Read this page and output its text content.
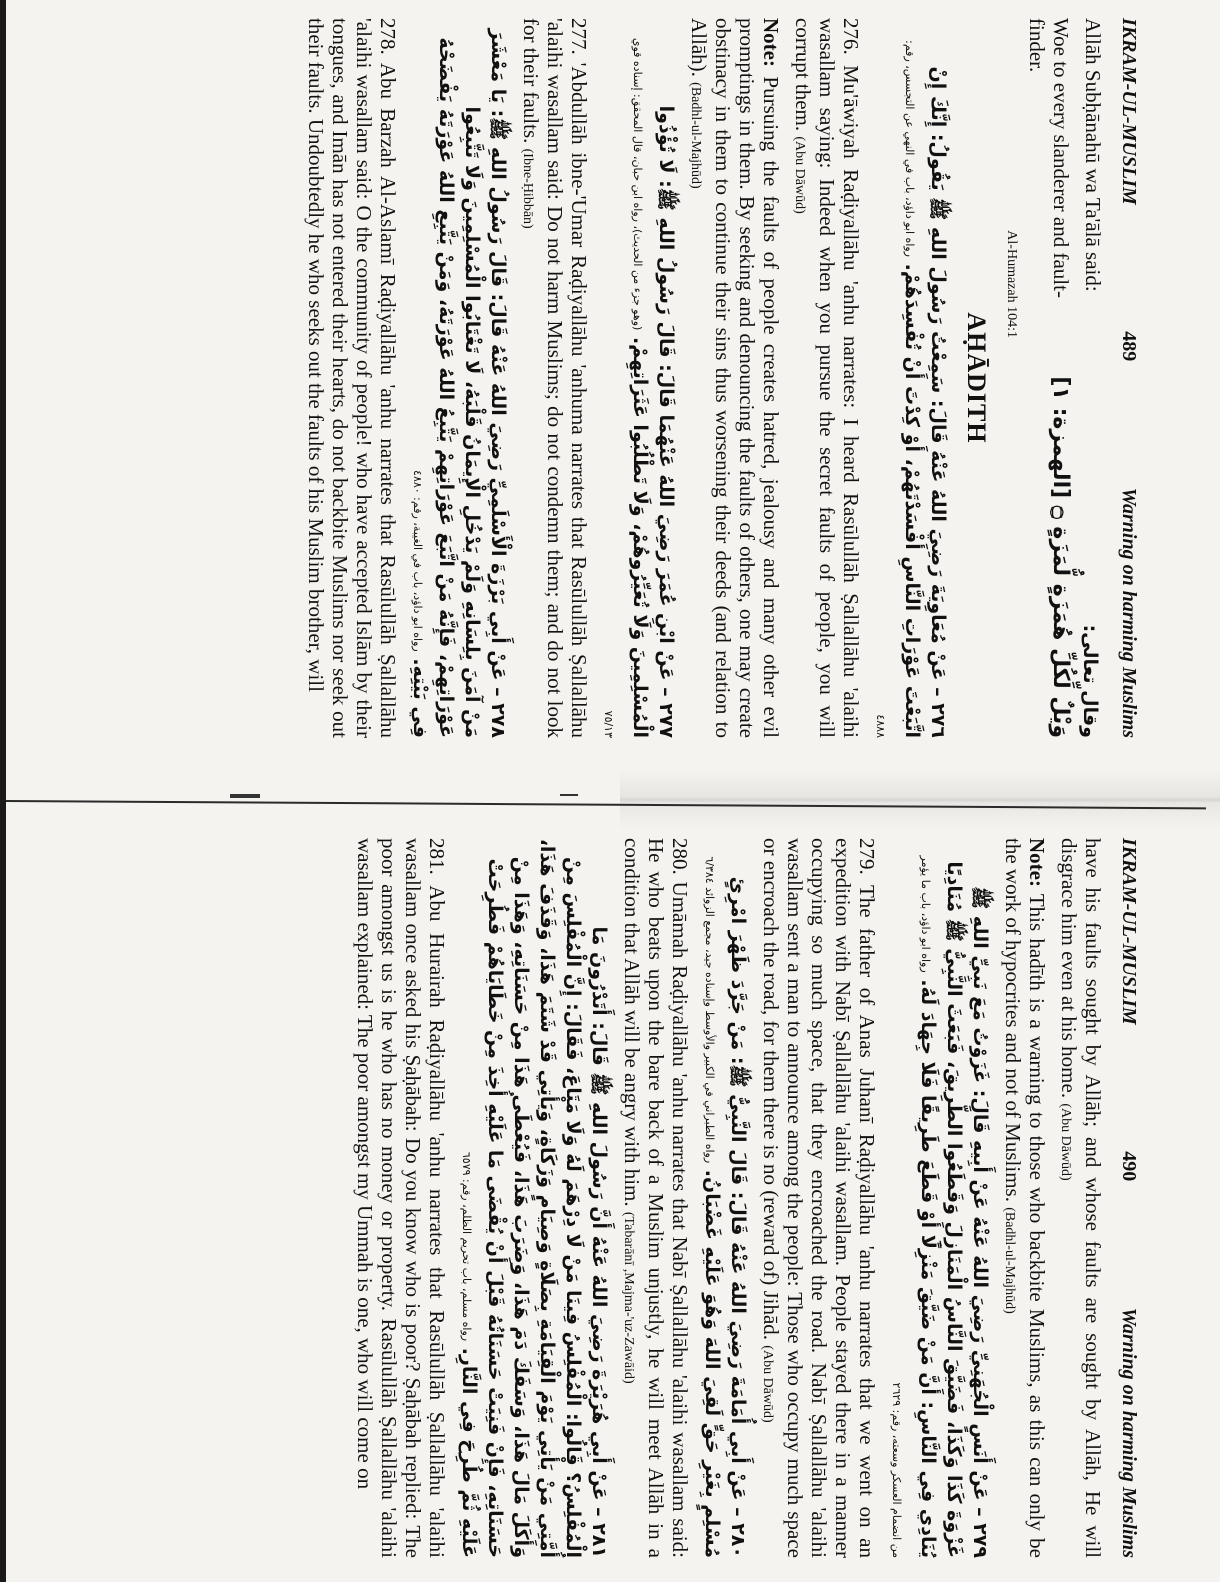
IKRAM-UL-MUSLIM
489
Warning on harming Muslims
Allāh Subḥānahū wa Ta'ālā said:
Woe to every slanderer and fault-finder.
Al-Humazah 104:1
وقال تعالى:
وَيْلٌ لِّكُلِّ هُمَزَةٍ لُّمَزَةٍ ۝ [الهمزة: ١]
AḤĀDITH
٢٧٦ – عَنْ مُعَاوِيَةَ رَضِيَ اللهُ عَنْهُ قَالَ: سَمِعْتُ رَسُولَ اللهِ ﷺ يَقُولُ: إِنَّكَ إِنْ اتَّبَعْتَ عَوْرَاتِ النَّاسِ أَفْسَدْتَهُمْ، أَوْ كِدْتَ أَنْ تُفْسِدَهُمْ. رواه ابو داؤد، باب في النهي عن التجسس، رقم: ٤٨٨٨

276. Mu'āwiyah Raḍiyallāhu 'anhu narrates: I heard Rasūlullāh Ṣallallāhu 'alaihi wasallam saying: Indeed when you pursue the secret faults of people, you will corrupt them. (Abu Dāwūd)

Note: Pursuing the faults of people creates hatred, jealousy and many other evil promptings in them. By seeking and denouncing the faults of others, one may create obstinacy in them to continue their sins thus worsening their deeds (and relation to Allāh). (Badhl-ul-Majhūd)

٢٧٧ – عَنْ ابْنِ عُمَرَ رَضِيَ اللهُ عَنْهُمَا قَالَ: قَالَ رَسُولُ اللهِ ﷺ: لَا تُؤْذُوا الْمُسْلِمِينَ وَلَا تُعَيِّرُوهُمْ، وَلَا تَطْلُبُوا عَثَرَاتِهِمْ. (وهو جزء من الحديث)، رواه ابن حبان، قال المحقق: إسناده قوي ٧٥/١٣

277. 'Abdullāh ibne-'Umar Raḍiyallāhu 'anhuma narrates that Rasūlullāh Ṣallallāhu 'alaihi wasallam said: Do not harm Muslims; do not condemn them; and do not look for their faults. (Ibne-Ḥibbān)

٢٧٨ – عَنْ أَبِي بَرْزَةَ الْأَسْلَمِيِّ رَضِيَ اللهُ عَنْهُ قَالَ: قَالَ رَسُولُ اللهِ ﷺ: يَا مَعْشَرَ مَنْ آمَنَ بِلِسَانِهِ وَلَمْ يَدْخُلِ الْإِيمَانُ قَلْبَهُ، لَا تَغْتَابُوا الْمُسْلِمِينَ وَلَا تَتَّبِعُوا عَوْرَاتِهِمْ، فَإِنَّهُ مَنْ اتَّبَعَ عَوْرَاتِهِمْ يَتَّبِعُ اللهُ عَوْرَتَهُ، وَمَنْ يَتَّبِعِ اللهُ عَوْرَتَهُ يَفْضَحْهُ فِي بَيْتِهِ. رواه ابو داؤد، باب في الغيبة، رقم: ٤٨٨٠

278. Abu Barzah Al-Aslamī Raḍiyallāhu 'anhu narrates that Rasūlullāh Ṣallallāhu 'alaihi wasallam said: O the community of people! who have accepted Islām by their tongues, and Imān has not entered their hearts, do not backbite Muslims nor seek out their faults. Undoubtedly he who seeks out the faults of his Muslim brother, will

IKRAM-UL-MUSLIM
490
Warning on harming Muslims

have his faults sought by Allāh; and whose faults are sought by Allāh, He will disgrace him even at his home. (Abu Dāwūd)

Note: This hadīth is a warning to those who backbite Muslims, as this can only be the work of hypocrites and not of Muslims. (Badhl-ul-Majhūd)

٢٧٩ – عَنْ أَنَسٍ الْجُهَنِيِّ رَضِيَ اللهُ عَنْهُ عَنْ أَبِيهِ قَالَ: غَزَوْتُ مَعَ نَبِيِّ اللهِ ﷺ غَزْوَةَ كَذَا وَكَذَا، فَضَيَّقَ النَّاسُ الْمَنَازِلَ وَقَطَعُوا الطَّرِيقَ، فَبَعَثَ النَّبِيُّ ﷺ مُنَادِيًا يُنَادِي فِي النَّاسِ: أَنَّ مَنْ ضَيَّقَ مَنْزِلًا أَوْ قَطَعَ طَرِيقًا فَلَا جِهَادَ لَهُ. رواه ابو داؤد، باب ما يؤمر من انضمام العسكر وسعته، رقم: ٢٦٢٩

279. The father of Anas Juhanī Raḍiyallāhu 'anhu narrates that we went on an expedition with Nabī Ṣallallāhu 'alaihi wasallam. People stayed there in a manner occupying so much space, that they encroached the road. Nabī Ṣallallāhu 'alaihi wasallam sent a man to announce among the people: Those who occupy much space or encroach the road, for them there is no (reward of) Jihād. (Abu Dāwūd)

٢٨٠ – عَنْ أَبِي أُمَامَةَ رَضِيَ اللهُ عَنْهُ قَالَ: قَالَ النَّبِيُّ ﷺ: مَنْ جَرَّدَ ظَهْرَ امْرِئٍ مُسْلِمٍ بِغَيْرِ حَقٍّ لَقِيَ اللهَ وَهُوَ عَلَيْهِ غَضْبَانُ. رواه الطبراني في الكبير والأوسط وإسناده جيد، مجمع الزوائد ٦/٣٨٤

280. Umāmah Raḍiyallāhu 'anhu narrates that Nabī Ṣallallāhu 'alaihi wasallam said: He who beats upon the bare back of a Muslim unjustly, he will meet Allāh in a condition that Allāh will be angry with him. (Tabarānī ,Majma-'uz-Zawāid)

٢٨١ – عَنْ أَبِي هُرَيْرَةَ رَضِيَ اللهُ عَنْهُ أَنَّ رَسُولَ اللهِ ﷺ قَالَ: أَتَدْرُونَ مَا الْمُفْلِسُ؟ قَالُوا: الْمُفْلِسُ فِينَا مَنْ لَا دِرْهَمَ لَهُ وَلَا مَتَاعَ، فَقَالَ: إِنَّ الْمُفْلِسَ مِنْ أُمَّتِي مَنْ يَأْتِي يَوْمَ الْقِيَامَةِ بِصَلَاةٍ وَصِيَامٍ وَزَكَاةٍ، وَيَأْتِي قَدْ شَتَمَ هَذَا، وَقَذَفَ هَذَا، وَأَكَلَ مَالَ هَذَا، وَسَفَكَ دَمَ هَذَا، وَضَرَبَ هَذَا، فَيُعْطَى هَذَا مِنْ حَسَنَاتِهِ، وَهَذَا مِنْ حَسَنَاتِهِ، فَإِنْ فَنِيَتْ حَسَنَاتُهُ قَبْلَ أَنْ يُقْضَى مَا عَلَيْهِ أُخِذَ مِنْ خَطَايَاهُمْ فَطُرِحَتْ عَلَيْهِ ثُمَّ طُرِحَ فِي النَّارِ. رواه مسلم، باب تحريم الظلم، رقم: ٦٥٧٩

281. Abu Hurairah Raḍiyallāhu 'anhu narrates that Rasūlullāh Ṣallallāhu 'alaihi wasallam once asked his Ṣaḥābah: Do you know who is poor? Ṣaḥābah replied: The poor amongst us is he who has no money or property. Rasūlullāh Ṣallallāhu 'alaihi wasallam explained: The poor amongst my Ummah is one, who will come on
